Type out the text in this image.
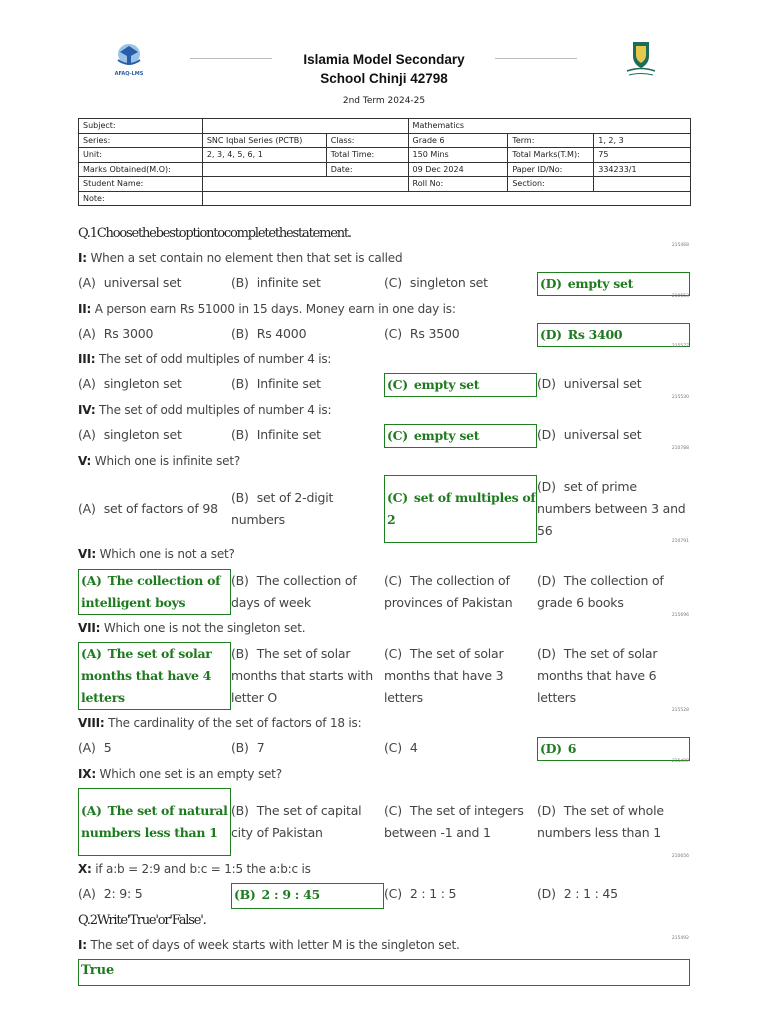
AFAQ-LMS
Islamia Model Secondary
School Chinji 42798
2nd Term 2024-25
Subject:			Mathematics		
Series:	SNC Iqbal Series (PCTB)	Class:	Grade 6	Term:	1, 2, 3
Unit:	2, 3, 4, 5, 6, 1	Total Time:	150 Mins	Total Marks(T.M):	75
Marks Obtained(M.O):		Date:	09 Dec 2024	Paper ID/No:	334233/1
Student Name:			Roll No:	Section:	
Note:					
Q.1Choosethebestoptiontocompletethestatement.
215468
I: When a set contain no element then that set is called
(A) universal set	(B) infinite set	(C) singleton set	(D) empty set
210653
II: A person earn Rs 51000 in 15 days. Money earn in one day is:
(A) Rs 3000	(B) Rs 4000	(C) Rs 3500	(D) Rs 3400
215577
III: The set of odd multiples of number 4 is:
(A) singleton set	(B) Infinite set	(C) empty set	(D) universal set
215530
IV: The set of odd multiples of number 4 is:
(A) singleton set	(B) Infinite set	(C) empty set	(D) universal set
210788
V: Which one is infinite set?
(A) set of factors of 98
(B) set of 2-digit numbers
(C) set of multiples of 2
(D) set of prime numbers between 3 and 56
210791
VI: Which one is not a set?
(A) The collection of intelligent boys
(B) The collection of days of week
(C) The collection of provinces of Pakistan
(D) The collection of grade 6 books
215696
VII: Which one is not the singleton set.
(A) The set of solar months that have 4 letters
(B) The set of solar months that starts with letter O
(C) The set of solar months that have 3 letters
(D) The set of solar months that have 6 letters
215528
VIII: The cardinality of the set of factors of 18 is:
(A) 5	(B) 7	(C) 4	(D) 6
215499
IX: Which one set is an empty set?
(A) The set of natural numbers less than 1
(B) The set of capital city of Pakistan
(C) The set of integers between -1 and 1
(D) The set of whole numbers less than 1
210656
X: if a:b = 2:9 and b:c = 1:5 the a:b:c is
(A) 2: 9: 5	(B) 2 : 9 : 45	(C) 2 : 1 : 5	(D) 2 : 1 : 45
Q.2Write'True'or'False'.
215492
I: The set of days of week starts with letter M is the singleton set.
True
